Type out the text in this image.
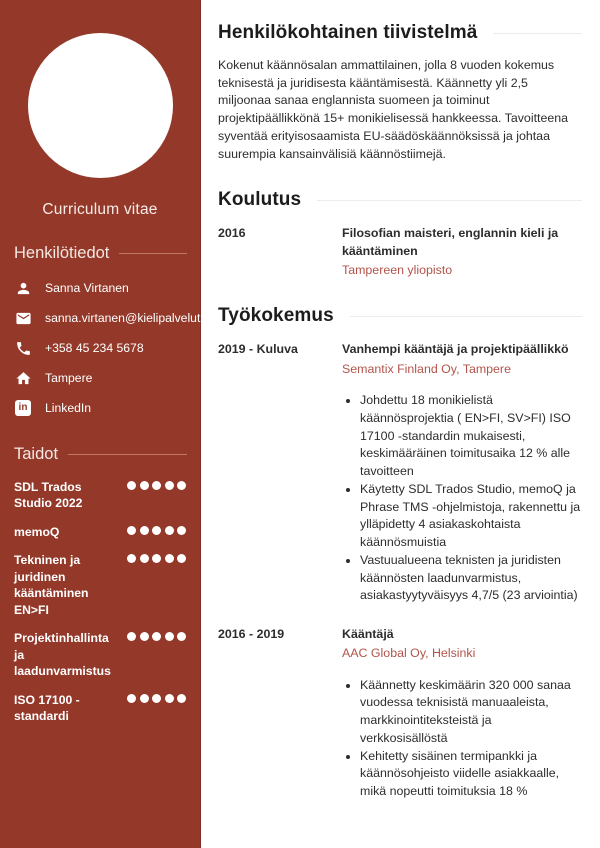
Curriculum vitae
Henkilötiedot
Sanna Virtanen
sanna.virtanen@kielipalvelut.fi
+358 45 234 5678
Tampere
in LinkedIn
Taidot
SDL Trados Studio 2022
memoQ
Tekninen ja juridinen kääntäminen EN>FI
Projektinhallinta ja laadunvarmistus
ISO 17100 -standardi
Henkilökohtainen tiivistelmä

Kokenut käännösalan ammattilainen, jolla 8 vuoden kokemus teknisestä ja juridisesta kääntämisestä. Käännetty yli 2,5 miljoonaa sanaa englannista suomeen ja toiminut projektipäällikkönä 15+ monikielisessä hankkeessa. Tavoitteena syventää erityisosaamista EU-säädöskäännöksissä ja johtaa suurempia kansainvälisiä käännöstiimejä.

Koulutus
2016	Filosofian maisteri, englannin kieli ja kääntäminen
Tampereen yliopisto
Työkokemus
2019 - Kuluva	Vanhempi kääntäjä ja projektipäällikkö
Semantix Finland Oy, Tampere
• Johdettu 18 monikielistä käännösprojektia ( EN>FI, SV>FI) ISO 17100 -standardin mukaisesti, keskimääräinen toimitusaika 12 % alle tavoitteen
• Käytetty SDL Trados Studio, memoQ ja Phrase TMS -ohjelmistoja, rakennettu ja ylläpidetty 4 asiakaskohtaista käännösmuistia
• Vastuualueena teknisten ja juridisten käännösten laadunvarmistus, asiakastyytyväisyys 4,7/5 (23 arviointia)
2016 - 2019	Kääntäjä
AAC Global Oy, Helsinki
• Käännetty keskimäärin 320 000 sanaa vuodessa teknisistä manuaaleista, markkinointiteksteistä ja verkkosisällöstä
• Kehitetty sisäinen termipankki ja käännösohjeisto viidelle asiakkaalle, mikä nopeutti toimituksia 18 %
